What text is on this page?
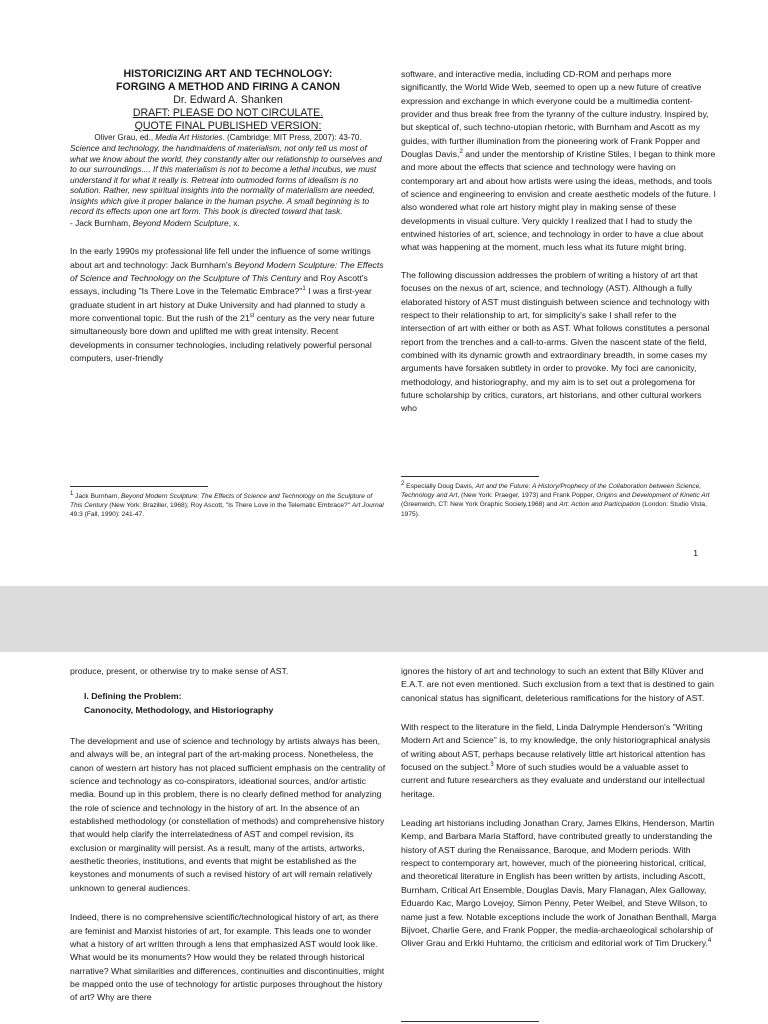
HISTORICIZING ART AND TECHNOLOGY:

FORGING A METHOD AND FIRING A CANON

Dr. Edward A. Shanken

DRAFT: PLEASE DO NOT CIRCULATE.
QUOTE FINAL PUBLISHED VERSION:

Oliver Grau, ed., Media Art Histories. (Cambridge: MIT Press, 2007): 43-70.

Science and technology, the handmaidens of materialism, not only tell us most of what we know about the world, they constantly alter our relationship to ourselves and to our surroundings.... If this materialism is not to become a lethal incubus, we must understand it for what it really is. Retreat into outmoded forms of idealism is no solution. Rather, new spiritual insights into the normality of materialism are needed, insights which give it proper balance in the human psyche. A small beginning is to record its effects upon one art form. This book is directed toward that task.

- Jack Burnham, Beyond Modern Sculpture, x.

In the early 1990s my professional life fell under the influence of some writings about art and technology: Jack Burnham's Beyond Modern Sculpture: The Effects of Science and Technology on the Sculpture of This Century and Roy Ascott's essays, including "Is There Love in the Telematic Embrace?"$^1$ I was a first-year graduate student in art history at Duke University and had planned to study a more conventional topic. But the rush of the 21st century as the very near future simultaneously bore down and uplifted me with great intensity. Recent developments in consumer technologies, including relatively powerful personal computers, user-friendly

$^1$ Jack Burnham, Beyond Modern Sculpture: The Effects of Science and Technology on the Sculpture of This Century (New York: Braziller, 1968); Roy Ascott, "Is There Love in the Telematic Embrace?" Art Journal 49:3 (Fall, 1990): 241-47.

software, and interactive media, including CD-ROM and perhaps more significantly, the World Wide Web, seemed to open up a new future of creative expression and exchange in which everyone could be a multimedia content-provider and thus break free from the tyranny of the culture industry. Inspired by, but skeptical of, such techno-utopian rhetoric, with Burnham and Ascott as my guides, with further illumination from the pioneering work of Frank Popper and Douglas Davis,$^2$ and under the mentorship of Kristine Stiles, I began to think more and more about the effects that science and technology were having on contemporary art and about how artists were using the ideas, methods, and tools of science and engineering to envision and create aesthetic models of the future. I also wondered what role art history might play in making sense of these developments in visual culture. Very quickly I realized that I had to study the entwined histories of art, science, and technology in order to have a clue about what was happening at the moment, much less what its future might bring.

The following discussion addresses the problem of writing a history of art that focuses on the nexus of art, science, and technology (AST). Although a fully elaborated history of AST must distinguish between science and technology with respect to their relationship to art, for simplicity's sake I shall refer to the intersection of art with either or both as AST. What follows constitutes a personal report from the trenches and a call-to-arms. Given the nascent state of the field, combined with its dynamic growth and extraordinary breadth, in some cases my arguments have forsaken subtlety in order to provoke. My foci are canonicity, methodology, and historiography, and my aim is to set out a prolegomena for future scholarship by critics, curators, art historians, and other cultural workers who

$^2$ Especially Doug Davis, Art and the Future: A History/Prophecy of the Collaboration between Science, Technology and Art, (New York: Praeger, 1973) and Frank Popper, Origins and Development of Kinetic Art (Greenwich, CT: New York Graphic Society,1968) and Art: Action and Participation (London: Studio Vista, 1975).

1

produce, present, or otherwise try to make sense of AST.

I. Defining the Problem:
Canonocity, Methodology, and Historiography

The development and use of science and technology by artists always has been, and always will be, an integral part of the art-making process. Nonetheless, the canon of western art history has not placed sufficient emphasis on the centrality of science and technology as co-conspirators, ideational sources, and/or artistic media. Bound up in this problem, there is no clearly defined method for analyzing the role of science and technology in the history of art. In the absence of an established methodology (or constellation of methods) and comprehensive history that would help clarify the interrelatedness of AST and compel revision, its exclusion or marginality will persist. As a result, many of the artists, artworks, aesthetic theories, institutions, and events that might be established as the keystones and monuments of such a revised history of art will remain relatively unknown to general audiences.

Indeed, there is no comprehensive scientific/technological history of art, as there are feminist and Marxist histories of art, for example. This leads one to wonder what a history of art written through a lens that emphasized AST would look like. What would be its monuments? How would they be related through historical narrative? What similarities and differences, continuities and discontinuities, might be mapped onto the use of technology for artistic purposes throughout the history of art? Why are there

ignores the history of art and technology to such an extent that Billy Klüver and E.A.T. are not even mentioned. Such exclusion from a text that is destined to gain canonical status has significant, deleterious ramifications for the history of AST.

With respect to the literature in the field, Linda Dalrymple Henderson's "Writing Modern Art and Science" is, to my knowledge, the only historiographical analysis of writing about AST, perhaps because relatively little art historical attention has focused on the subject.$^3$ More of such studies would be a valuable asset to current and future researchers as they evaluate and understand our intellectual heritage.

Leading art historians including Jonathan Crary, James Elkins, Henderson, Martin Kemp, and Barbara Maria Stafford, have contributed greatly to understanding the history of AST during the Renaissance, Baroque, and Modern periods. With respect to contemporary art, however, much of the pioneering historical, critical, and theoretical literature in English has been written by artists, including Ascott, Burnham, Critical Art Ensemble, Douglas Davis, Mary Flanagan, Alex Galloway, Eduardo Kac, Margo Lovejoy, Simon Penny, Peter Weibel, and Steve Wilson, to name just a few. Notable exceptions include the work of Jonathan Benthall, Marga Bijvoet, Charlie Gere, and Frank Popper, the media-archaeological scholarship of Oliver Grau and Erkki Huhtamo, the criticism and editorial work of Tim Druckery.$^4$
